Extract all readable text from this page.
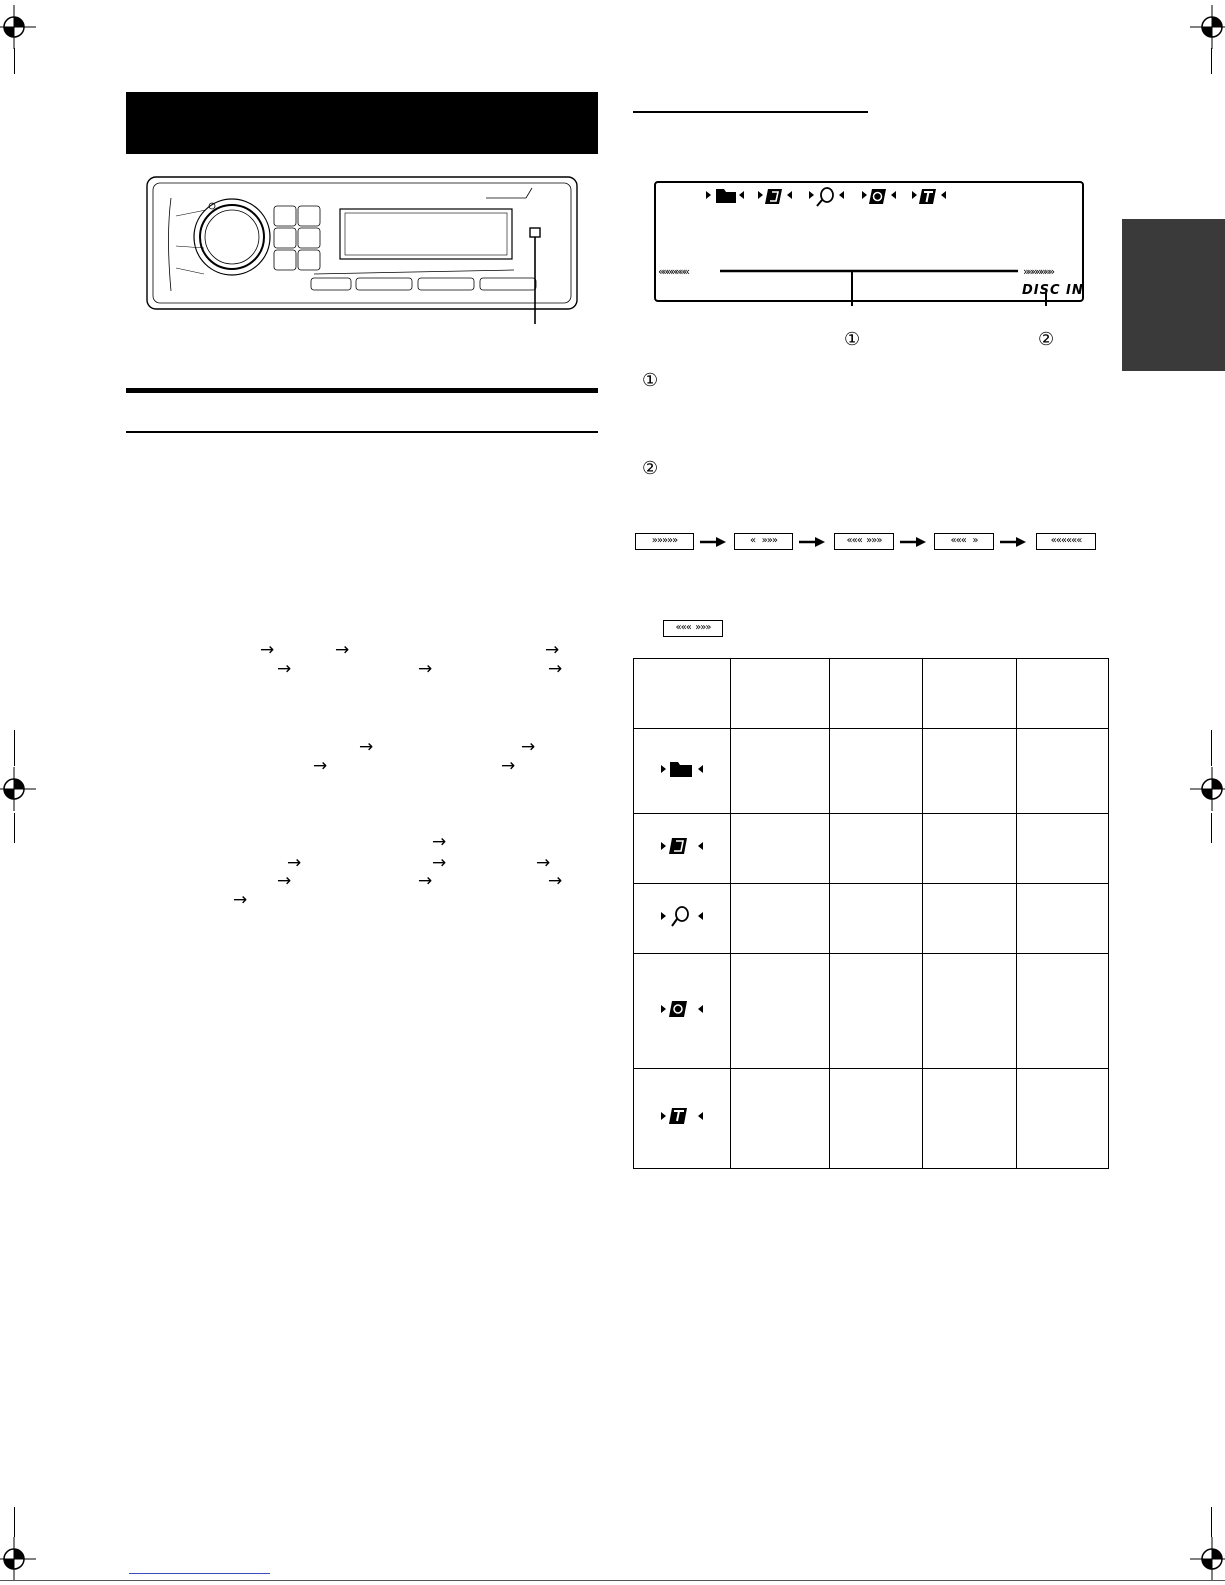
→	→	→
→	→	→
→	→
→	→
→
→	→	→
→	→	→
→
«««««««	»»»»»»»
DISC IN
①	②
①
②
»»»»»	«   »»»	«««  »»»	«««   »	««««««
«««  »»»
